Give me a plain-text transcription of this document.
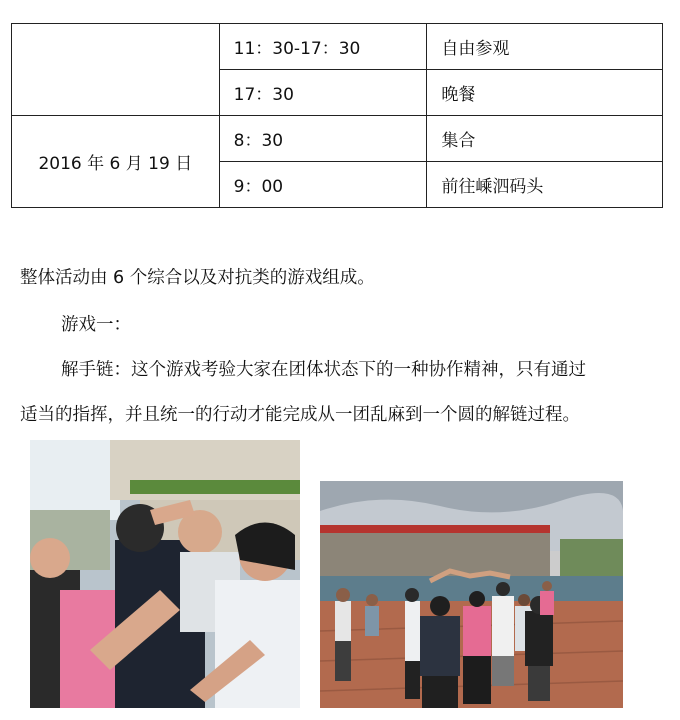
	11：30-17：30	自由参观
	17：30	晚餐
2016 年 6 月 19 日	8：30	集合
	9：00	前往嵊泗码头
整体活动由 6 个综合以及对抗类的游戏组成。
游戏一：
解手链：这个游戏考验大家在团体状态下的一种协作精神，只有通过
适当的指挥，并且统一的行动才能完成从一团乱麻到一个圆的解链过程。
